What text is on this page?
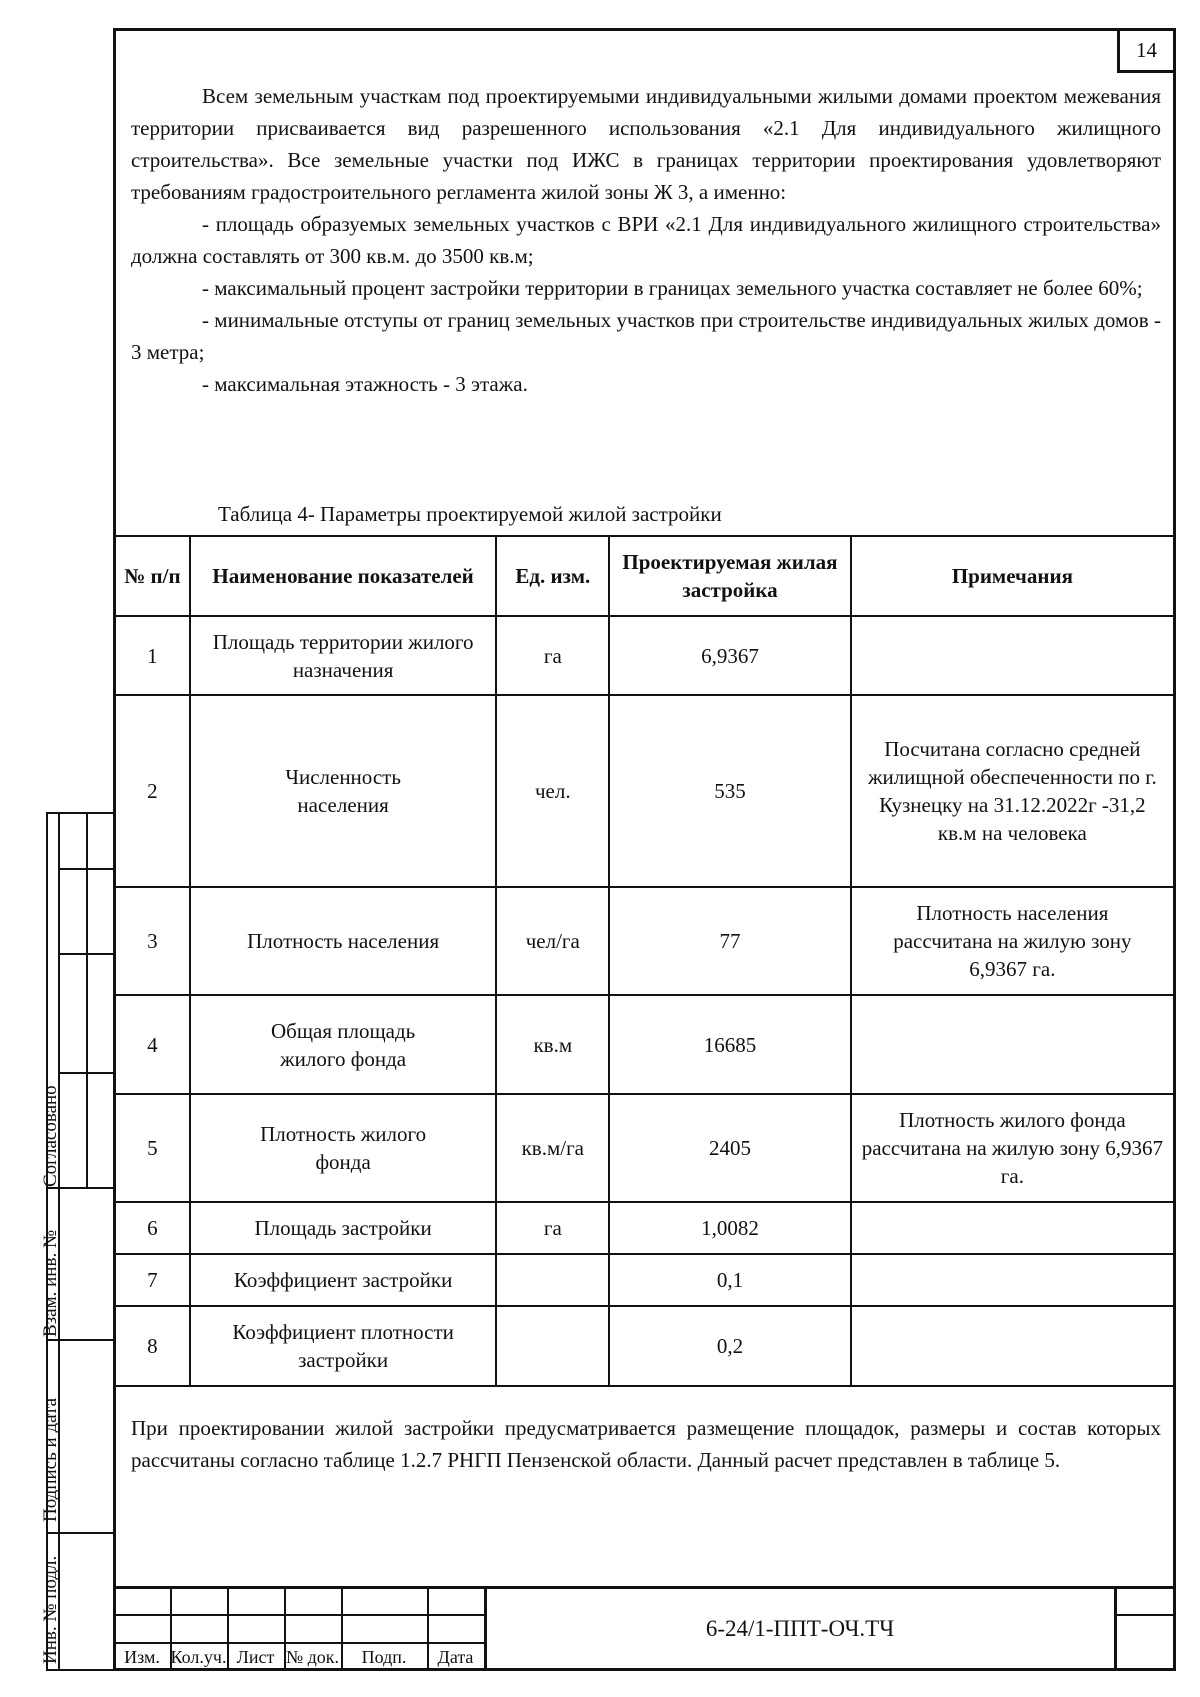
14

Всем земельным участкам под проектируемыми индивидуальными жилыми домами проектом межевания территории присваивается вид разрешенного использования «2.1 Для индивидуального жилищного строительства». Все земельные участки под ИЖС в границах территории проектирования удовлетворяют требованиям градостроительного регламента жилой зоны Ж 3, а именно:

- площадь образуемых земельных участков с ВРИ «2.1 Для индивидуального жилищного строительства» должна составлять от 300 кв.м. до 3500 кв.м;

- максимальный процент застройки территории в границах земельного участка составляет не более 60%;

- минимальные отступы от границ земельных участков при строительстве индивидуальных жилых домов - 3 метра;

- максимальная этажность - 3 этажа.

Таблица 4- Параметры проектируемой жилой застройки
№ п/п	Наименование показателей	Ед. изм.	Проектируемая жилая застройка	Примечания
1	Площадь территории жилого назначения	га	6,9367	
2	Численность населения	чел.	535	Посчитана согласно средней жилищной обеспеченности по г. Кузнецку на 31.12.2022г -31,2 кв.м на человека
3	Плотность населения	чел/га	77	Плотность населения рассчитана на жилую зону 6,9367 га.
4	Общая площадь жилого фонда	кв.м	16685	
5	Плотность жилого фонда	кв.м/га	2405	Плотность жилого фонда рассчитана на жилую зону 6,9367 га.
6	Площадь застройки	га	1,0082	
7	Коэффициент застройки		0,1	
8	Коэффициент плотности застройки		0,2	

При проектировании жилой застройки предусматривается размещение площадок, размеры и состав которых рассчитаны согласно таблице 1.2.7 РНГП Пензенской области. Данный расчет представлен в таблице 5.

Согласовано
Взам. инв. №
Подпись и дата
Инв. № подл.	Изм. Кол.уч. Лист № док.	Подп.	Дата
6-24/1-ППТ-ОЧ.ТЧ
